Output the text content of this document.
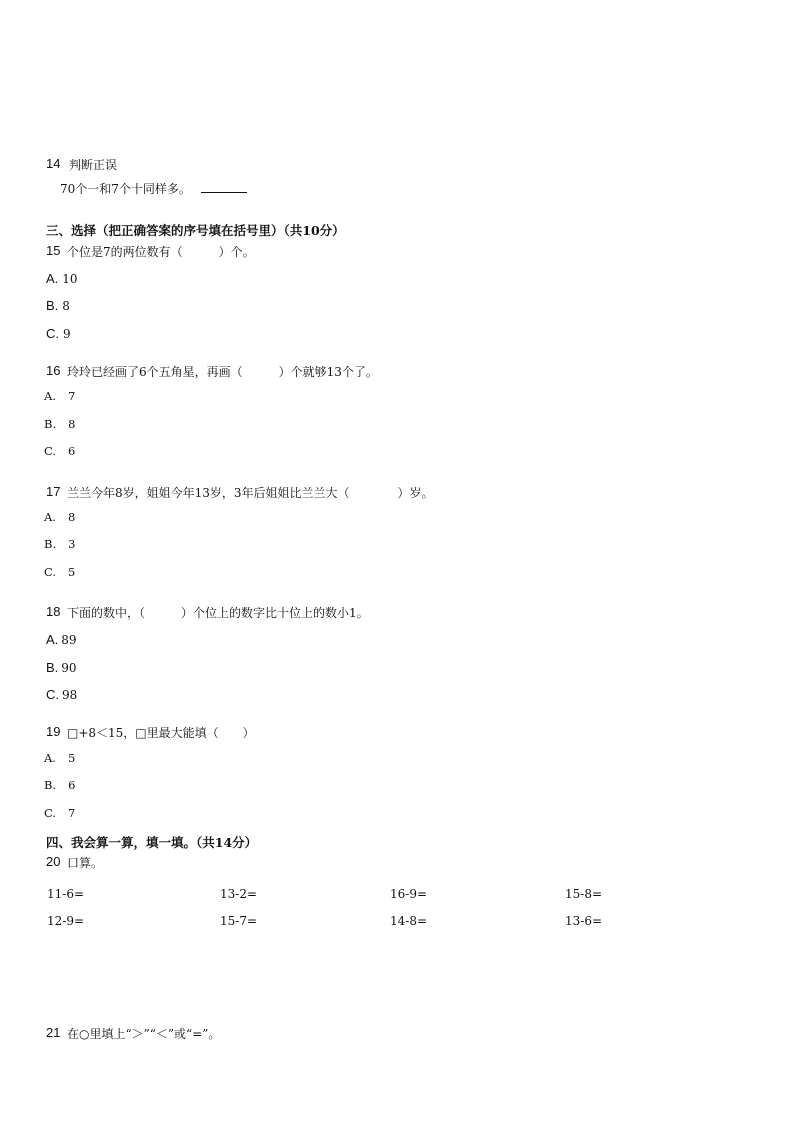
14 判断正误
70个一和7个十同样多。
三、选择（把正确答案的序号填在括号里）（共10分）
15 个位是7的两位数有（　　　）个。
A. 10
B. 8
C. 9
16 玲玲已经画了6个五角星，再画（　　　）个就够13个了。
A. 7
B. 8
C. 6
17 兰兰今年8岁，姐姐今年13岁，3年后姐姐比兰兰大（　　　　）岁。
A. 8
B. 3
C. 5
18 下面的数中，（　　　）个位上的数字比十位上的数小1。
A. 89
B. 90
C. 98
19 □+8＜15，□里最大能填（　　）
A. 5
B. 6
C. 7
四、我会算一算，填一填。（共14分）
20 口算。
11-6=	13-2=	16-9=	15-8=
12-9=	15-7=	14-8=	13-6=
21 在○里填上“＞”“＜”或“=”。
